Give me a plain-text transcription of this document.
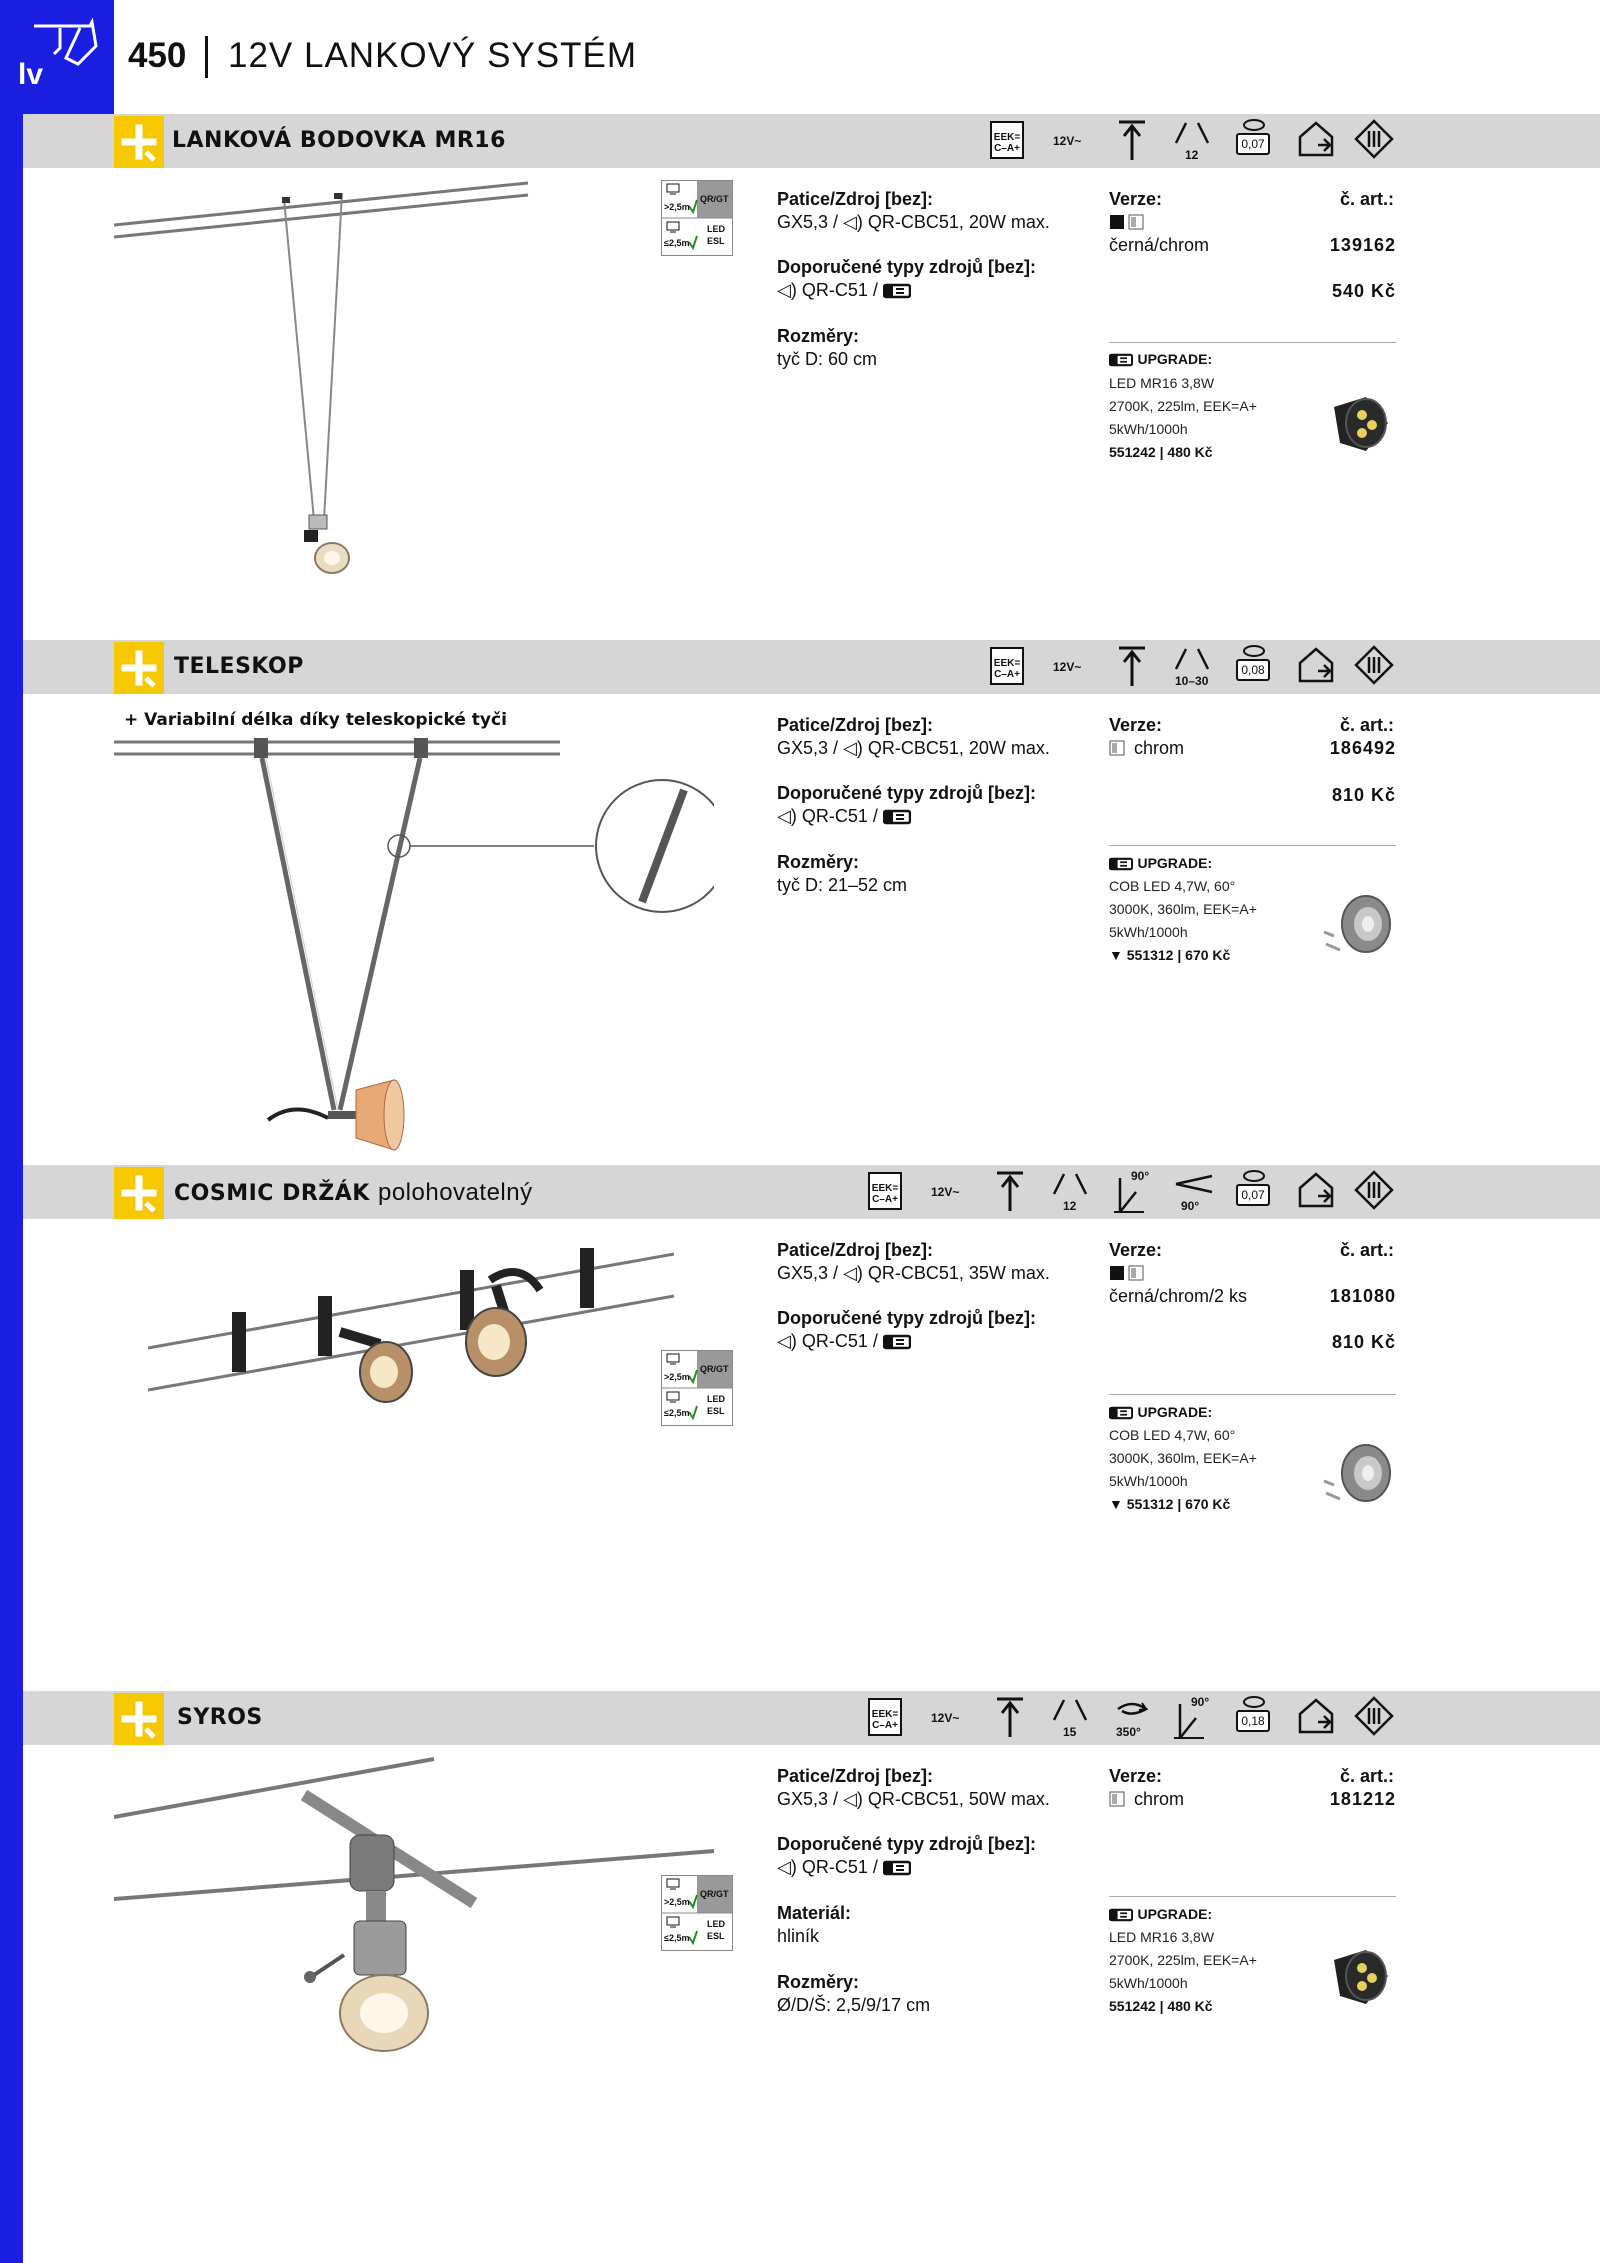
lv 450 12V LANKOVÝ SYSTÉM
LANKOVÁ BODOVKA MR16	EEK=
C–A+
12V~
12
0,07
>2,5m
≤2,5m
QR/GT
LED
ESL
Patice/Zdroj [bez]:
GX5,3 / ◁) QR-CBC51, 20W max.
Doporučené typy zdrojů [bez]:
◁) QR-C51 /
Rozměry:
tyč D: 60 cm
Verze:	č. art.:
černá/chrom	139162
540 Kč
UPGRADE:
LED MR16 3,8W
2700K, 225lm, EEK=A+
5kWh/1000h
551242 | 480 Kč
TELESKOP	EEK=
C–A+
12V~
10–30
0,08
+ Variabilní délka díky teleskopické tyči	Patice/Zdroj [bez]:
GX5,3 / ◁) QR-CBC51, 20W max.
Doporučené typy zdrojů [bez]:
◁) QR-C51 /
Rozměry:
tyč D: 21–52 cm
Verze:	č. art.:
chrom	186492
810 Kč
UPGRADE:
COB LED 4,7W, 60°
3000K, 360lm, EEK=A+
5kWh/1000h
▼ 551312 | 670 Kč
COSMIC DRŽÁK polohovatelný	EEK=
C–A+
12V~
12
90°
90°
0,07
>2,5m
≤2,5m
QR/GT
LED
ESL
Patice/Zdroj [bez]:
GX5,3 / ◁) QR-CBC51, 35W max.
Doporučené typy zdrojů [bez]:
◁) QR-C51 /
Verze:	č. art.:
černá/chrom/2 ks	181080
810 Kč
UPGRADE:
COB LED 4,7W, 60°
3000K, 360lm, EEK=A+
5kWh/1000h
▼ 551312 | 670 Kč
SYROS	EEK=
C–A+
12V~
15	350°
90°
0,18
>2,5m
≤2,5m
QR/GT
LED
ESL
Patice/Zdroj [bez]:
GX5,3 / ◁) QR-CBC51, 50W max.
Doporučené typy zdrojů [bez]:
◁) QR-C51 /
Materiál:
hliník
Rozměry:
Ø/D/Š: 2,5/9/17 cm
Verze:	č. art.:
chrom	181212
UPGRADE:
LED MR16 3,8W
2700K, 225lm, EEK=A+
5kWh/1000h
551242 | 480 Kč
